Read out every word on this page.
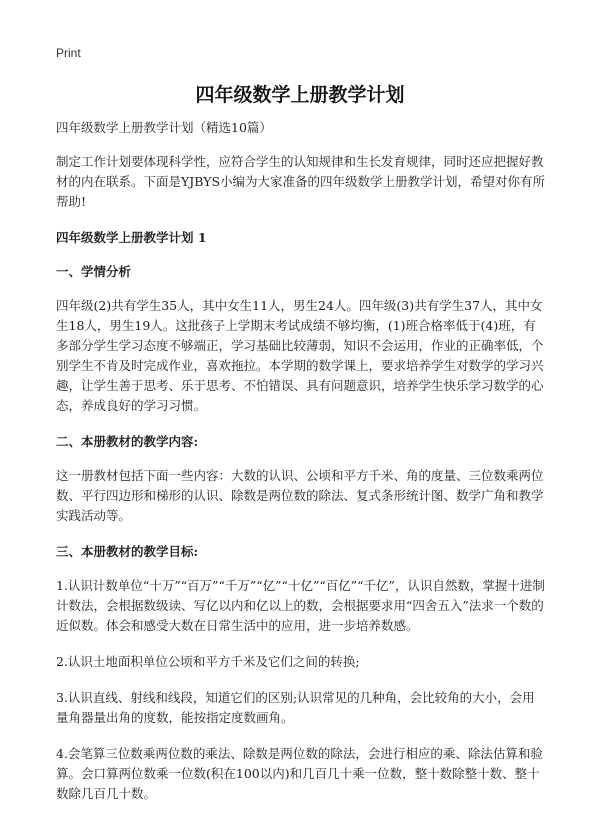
Print
四年级数学上册教学计划

四年级数学上册教学计划（精选10篇）

制定工作计划要体现科学性，应符合学生的认知规律和生长发育规律，同时还应把握好教材的内在联系。下面是YJBYS小编为大家准备的四年级数学上册教学计划，希望对你有所帮助!

四年级数学上册教学计划 1

一、学情分析

四年级(2)共有学生35人，其中女生11人，男生24人。四年级(3)共有学生37人，其中女生18人，男生19人。这批孩子上学期末考试成绩不够均衡，(1)班合格率低于(4)班，有多部分学生学习态度不够端正，学习基础比较薄弱，知识不会运用，作业的正确率低，个别学生不肯及时完成作业，喜欢拖拉。本学期的数学课上，要求培养学生对数学的学习兴趣，让学生善于思考、乐于思考、不怕错误、具有问题意识，培养学生快乐学习数学的心态，养成良好的学习习惯。

二、本册教材的教学内容:

这一册教材包括下面一些内容：大数的认识、公顷和平方千米、角的度量、三位数乘两位数、平行四边形和梯形的认识、除数是两位数的除法、复式条形统计图、数学广角和教学实践活动等。

三、本册教材的教学目标:

1.认识计数单位“十万”“百万”“千万”“亿”“十亿”“百亿”“千亿”，认识自然数，掌握十进制计数法，会根据数级读、写亿以内和亿以上的数，会根据要求用“四舍五入”法求一个数的近似数。体会和感受大数在日常生活中的应用，进一步培养数感。

2.认识土地面积单位公顷和平方千米及它们之间的转换;

3.认识直线、射线和线段，知道它们的区别;认识常见的几种角，会比较角的大小，会用量角器量出角的度数，能按指定度数画角。

4.会笔算三位数乘两位数的乘法、除数是两位数的除法，会进行相应的乘、除法估算和验算。会口算两位数乘一位数(积在100以内)和几百几十乘一位数，整十数除整十数、整十数除几百几十数。
